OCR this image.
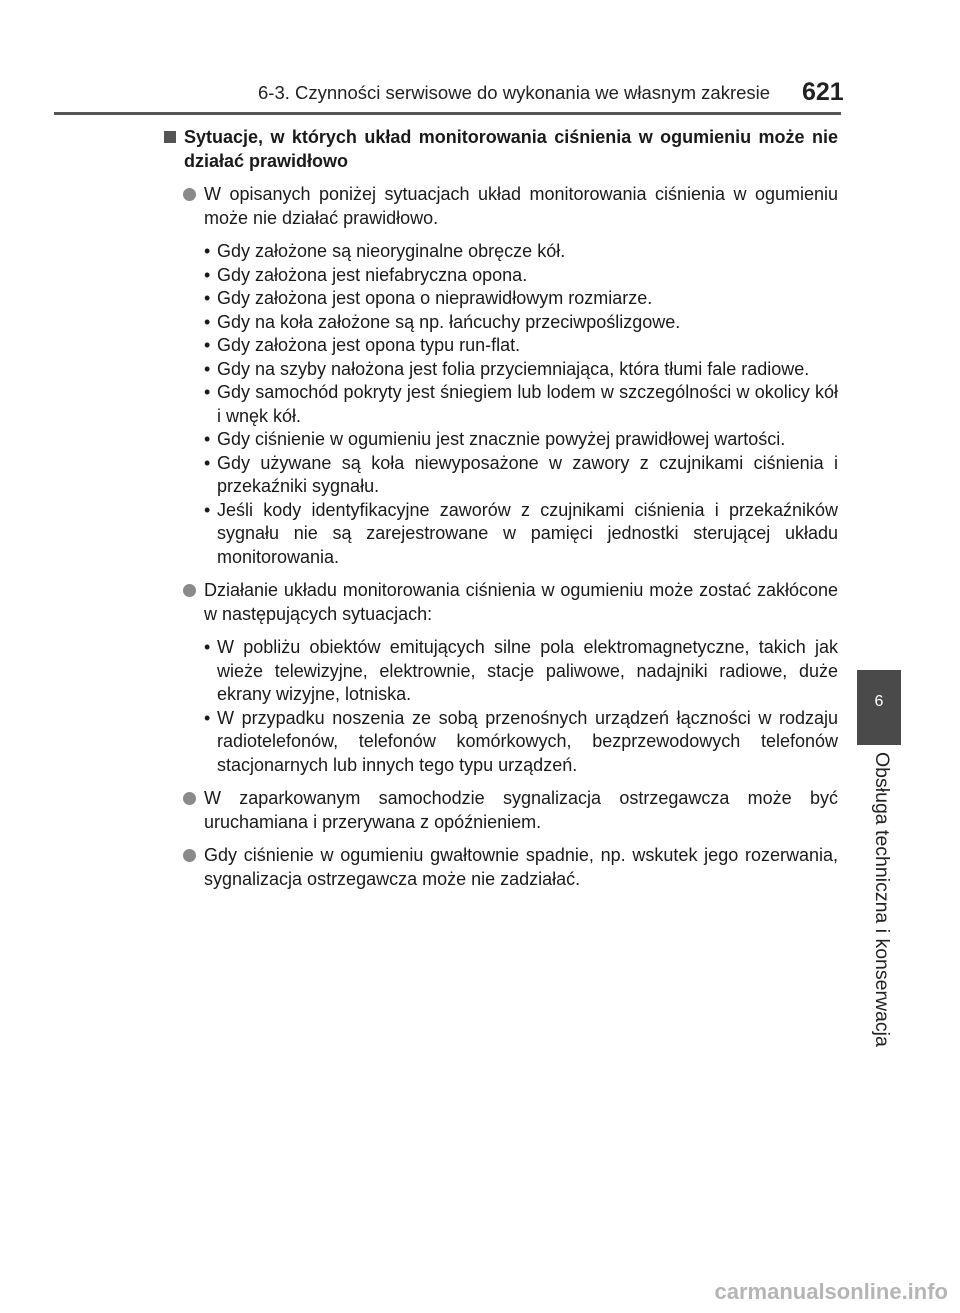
6-3. Czynności serwisowe do wykonania we własnym zakresie 621
6
Obsługa techniczna i konserwacja
Sytuacje, w których układ monitorowania ciśnienia w ogumieniu może nie działać prawidłowo
W opisanych poniżej sytuacjach układ monitorowania ciśnienia w ogumieniu może nie działać prawidłowo.
• Gdy założone są nieoryginalne obręcze kół.
• Gdy założona jest niefabryczna opona.
• Gdy założona jest opona o nieprawidłowym rozmiarze.
• Gdy na koła założone są np. łańcuchy przeciwpoślizgowe.
• Gdy założona jest opona typu run-flat.
• Gdy na szyby nałożona jest folia przyciemniająca, która tłumi fale radiowe.
• Gdy samochód pokryty jest śniegiem lub lodem w szczególności w okolicy kół i wnęk kół.
• Gdy ciśnienie w ogumieniu jest znacznie powyżej prawidłowej wartości.
• Gdy używane są koła niewyposażone w zawory z czujnikami ciśnienia i przekaźniki sygnału.
• Jeśli kody identyfikacyjne zaworów z czujnikami ciśnienia i przekaźników sygnału nie są zarejestrowane w pamięci jednostki sterującej układu monitorowania.
Działanie układu monitorowania ciśnienia w ogumieniu może zostać zakłócone w następujących sytuacjach:
• W pobliżu obiektów emitujących silne pola elektromagnetyczne, takich jak wieże telewizyjne, elektrownie, stacje paliwowe, nadajniki radiowe, duże ekrany wizyjne, lotniska.
• W przypadku noszenia ze sobą przenośnych urządzeń łączności w rodzaju radiotelefonów, telefonów komórkowych, bezprzewodowych telefonów stacjonarnych lub innych tego typu urządzeń.
W zaparkowanym samochodzie sygnalizacja ostrzegawcza może być uruchamiana i przerywana z opóźnieniem.
Gdy ciśnienie w ogumieniu gwałtownie spadnie, np. wskutek jego rozerwania, sygnalizacja ostrzegawcza może nie zadziałać.
carmanualsonline.info
